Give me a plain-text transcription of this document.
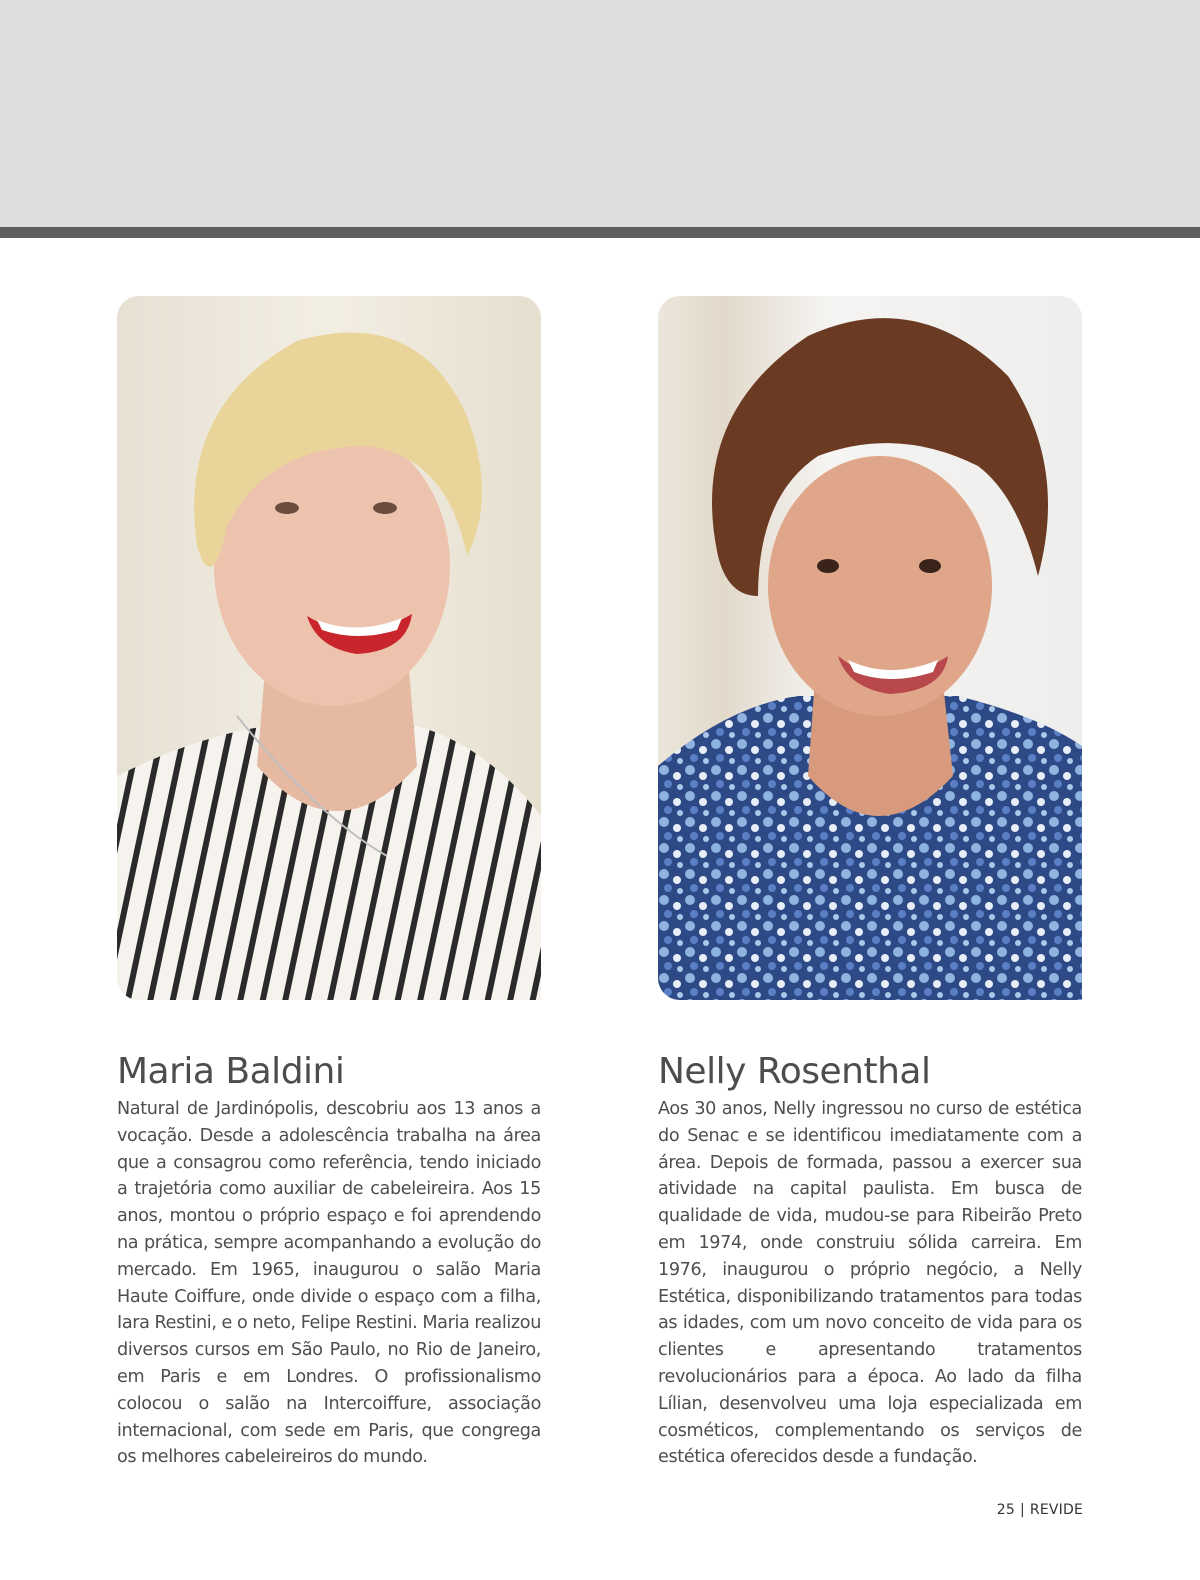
Maria Baldini

Natural de Jardinópolis, descobriu aos 13 anos a vocação. Desde a adolescência trabalha na área que a consagrou como referência, tendo iniciado a trajetória como auxiliar de cabeleireira. Aos 15 anos, montou o próprio espaço e foi aprendendo na prática, sempre acompanhando a evolução do mercado. Em 1965, inaugurou o salão Maria Haute Coiffure, onde divide o espaço com a filha, Iara Restini, e o neto, Felipe Restini. Maria realizou diversos cursos em São Paulo, no Rio de Janeiro, em Paris e em Londres. O profissionalismo colocou o salão na Intercoiffure, associação internacional, com sede em Paris, que congrega os melhores cabeleireiros do mundo.

Nelly Rosenthal

Aos 30 anos, Nelly ingressou no curso de estética do Senac e se identificou imediatamente com a área. Depois de formada, passou a exercer sua atividade na capital paulista. Em busca de qualidade de vida, mudou-se para Ribeirão Preto em 1974, onde construiu sólida carreira. Em 1976, inaugurou o próprio negócio, a Nelly Estética, disponibilizando tratamentos para todas as idades, com um novo conceito de vida para os clientes e apresentando tratamentos revolucionários para a época. Ao lado da filha Lílian, desenvolveu uma loja especializada em cosméticos, complementando os serviços de estética oferecidos desde a fundação.

25 | REVIDE
